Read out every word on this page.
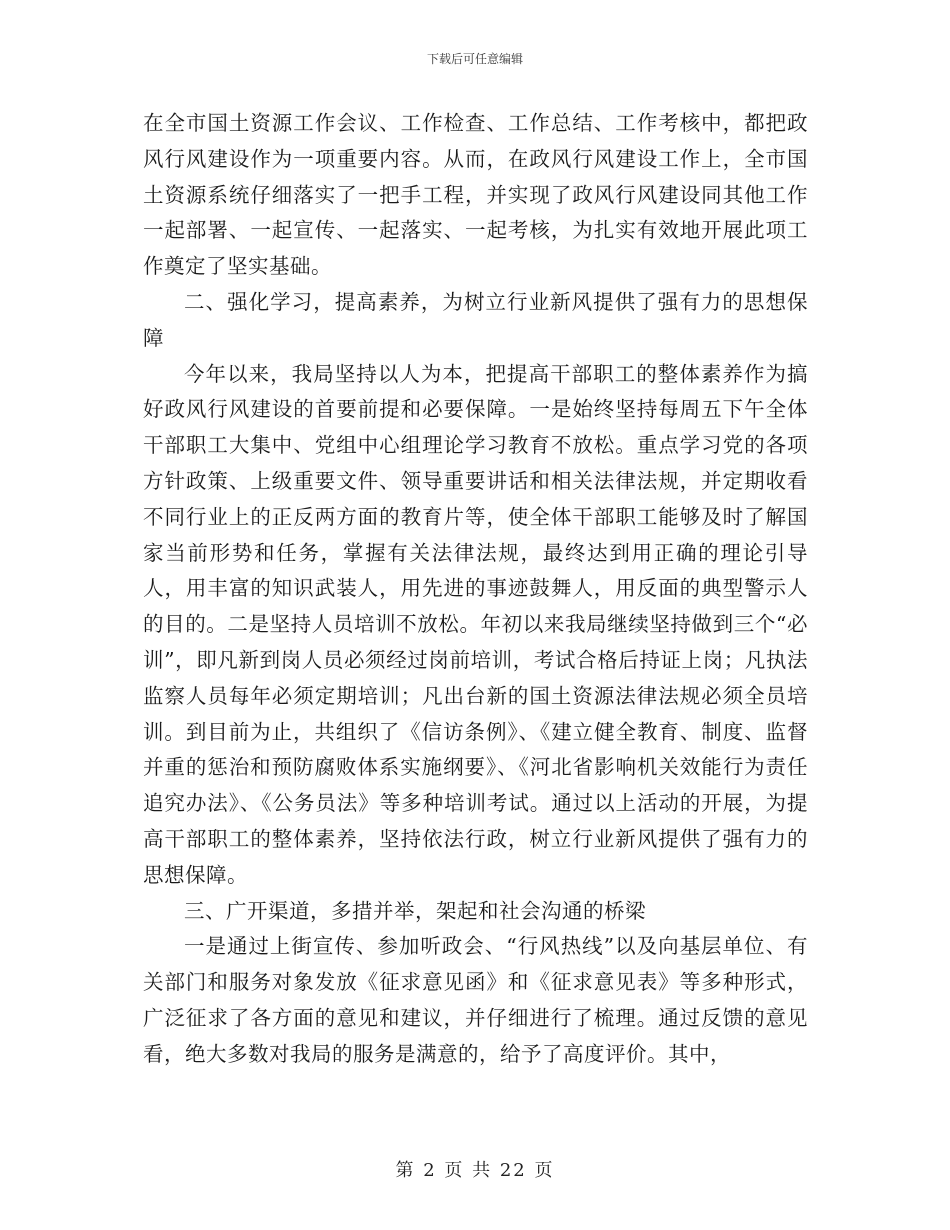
下载后可任意编辑

在全市国土资源工作会议、工作检查、工作总结、工作考核中，都把政风行风建设作为一项重要内容。从而，在政风行风建设工作上，全市国土资源系统仔细落实了一把手工程，并实现了政风行风建设同其他工作一起部署、一起宣传、一起落实、一起考核，为扎实有效地开展此项工作奠定了坚实基础。

二、强化学习，提高素养，为树立行业新风提供了强有力的思想保障

今年以来，我局坚持以人为本，把提高干部职工的整体素养作为搞好政风行风建设的首要前提和必要保障。一是始终坚持每周五下午全体干部职工大集中、党组中心组理论学习教育不放松。重点学习党的各项方针政策、上级重要文件、领导重要讲话和相关法律法规，并定期收看不同行业上的正反两方面的教育片等，使全体干部职工能够及时了解国家当前形势和任务，掌握有关法律法规，最终达到用正确的理论引导人，用丰富的知识武装人，用先进的事迹鼓舞人，用反面的典型警示人的目的。二是坚持人员培训不放松。年初以来我局继续坚持做到三个“必训”，即凡新到岗人员必须经过岗前培训，考试合格后持证上岗；凡执法监察人员每年必须定期培训；凡出台新的国土资源法律法规必须全员培训。到目前为止，共组织了《信访条例》、《建立健全教育、制度、监督并重的惩治和预防腐败体系实施纲要》、《河北省影响机关效能行为责任追究办法》、《公务员法》等多种培训考试。通过以上活动的开展，为提高干部职工的整体素养，坚持依法行政，树立行业新风提供了强有力的思想保障。

三、广开渠道，多措并举，架起和社会沟通的桥梁

一是通过上街宣传、参加听政会、“行风热线”以及向基层单位、有关部门和服务对象发放《征求意见函》和《征求意见表》等多种形式，广泛征求了各方面的意见和建议，并仔细进行了梳理。通过反馈的意见看，绝大多数对我局的服务是满意的，给予了高度评价。其中，

第 2 页 共 22 页
